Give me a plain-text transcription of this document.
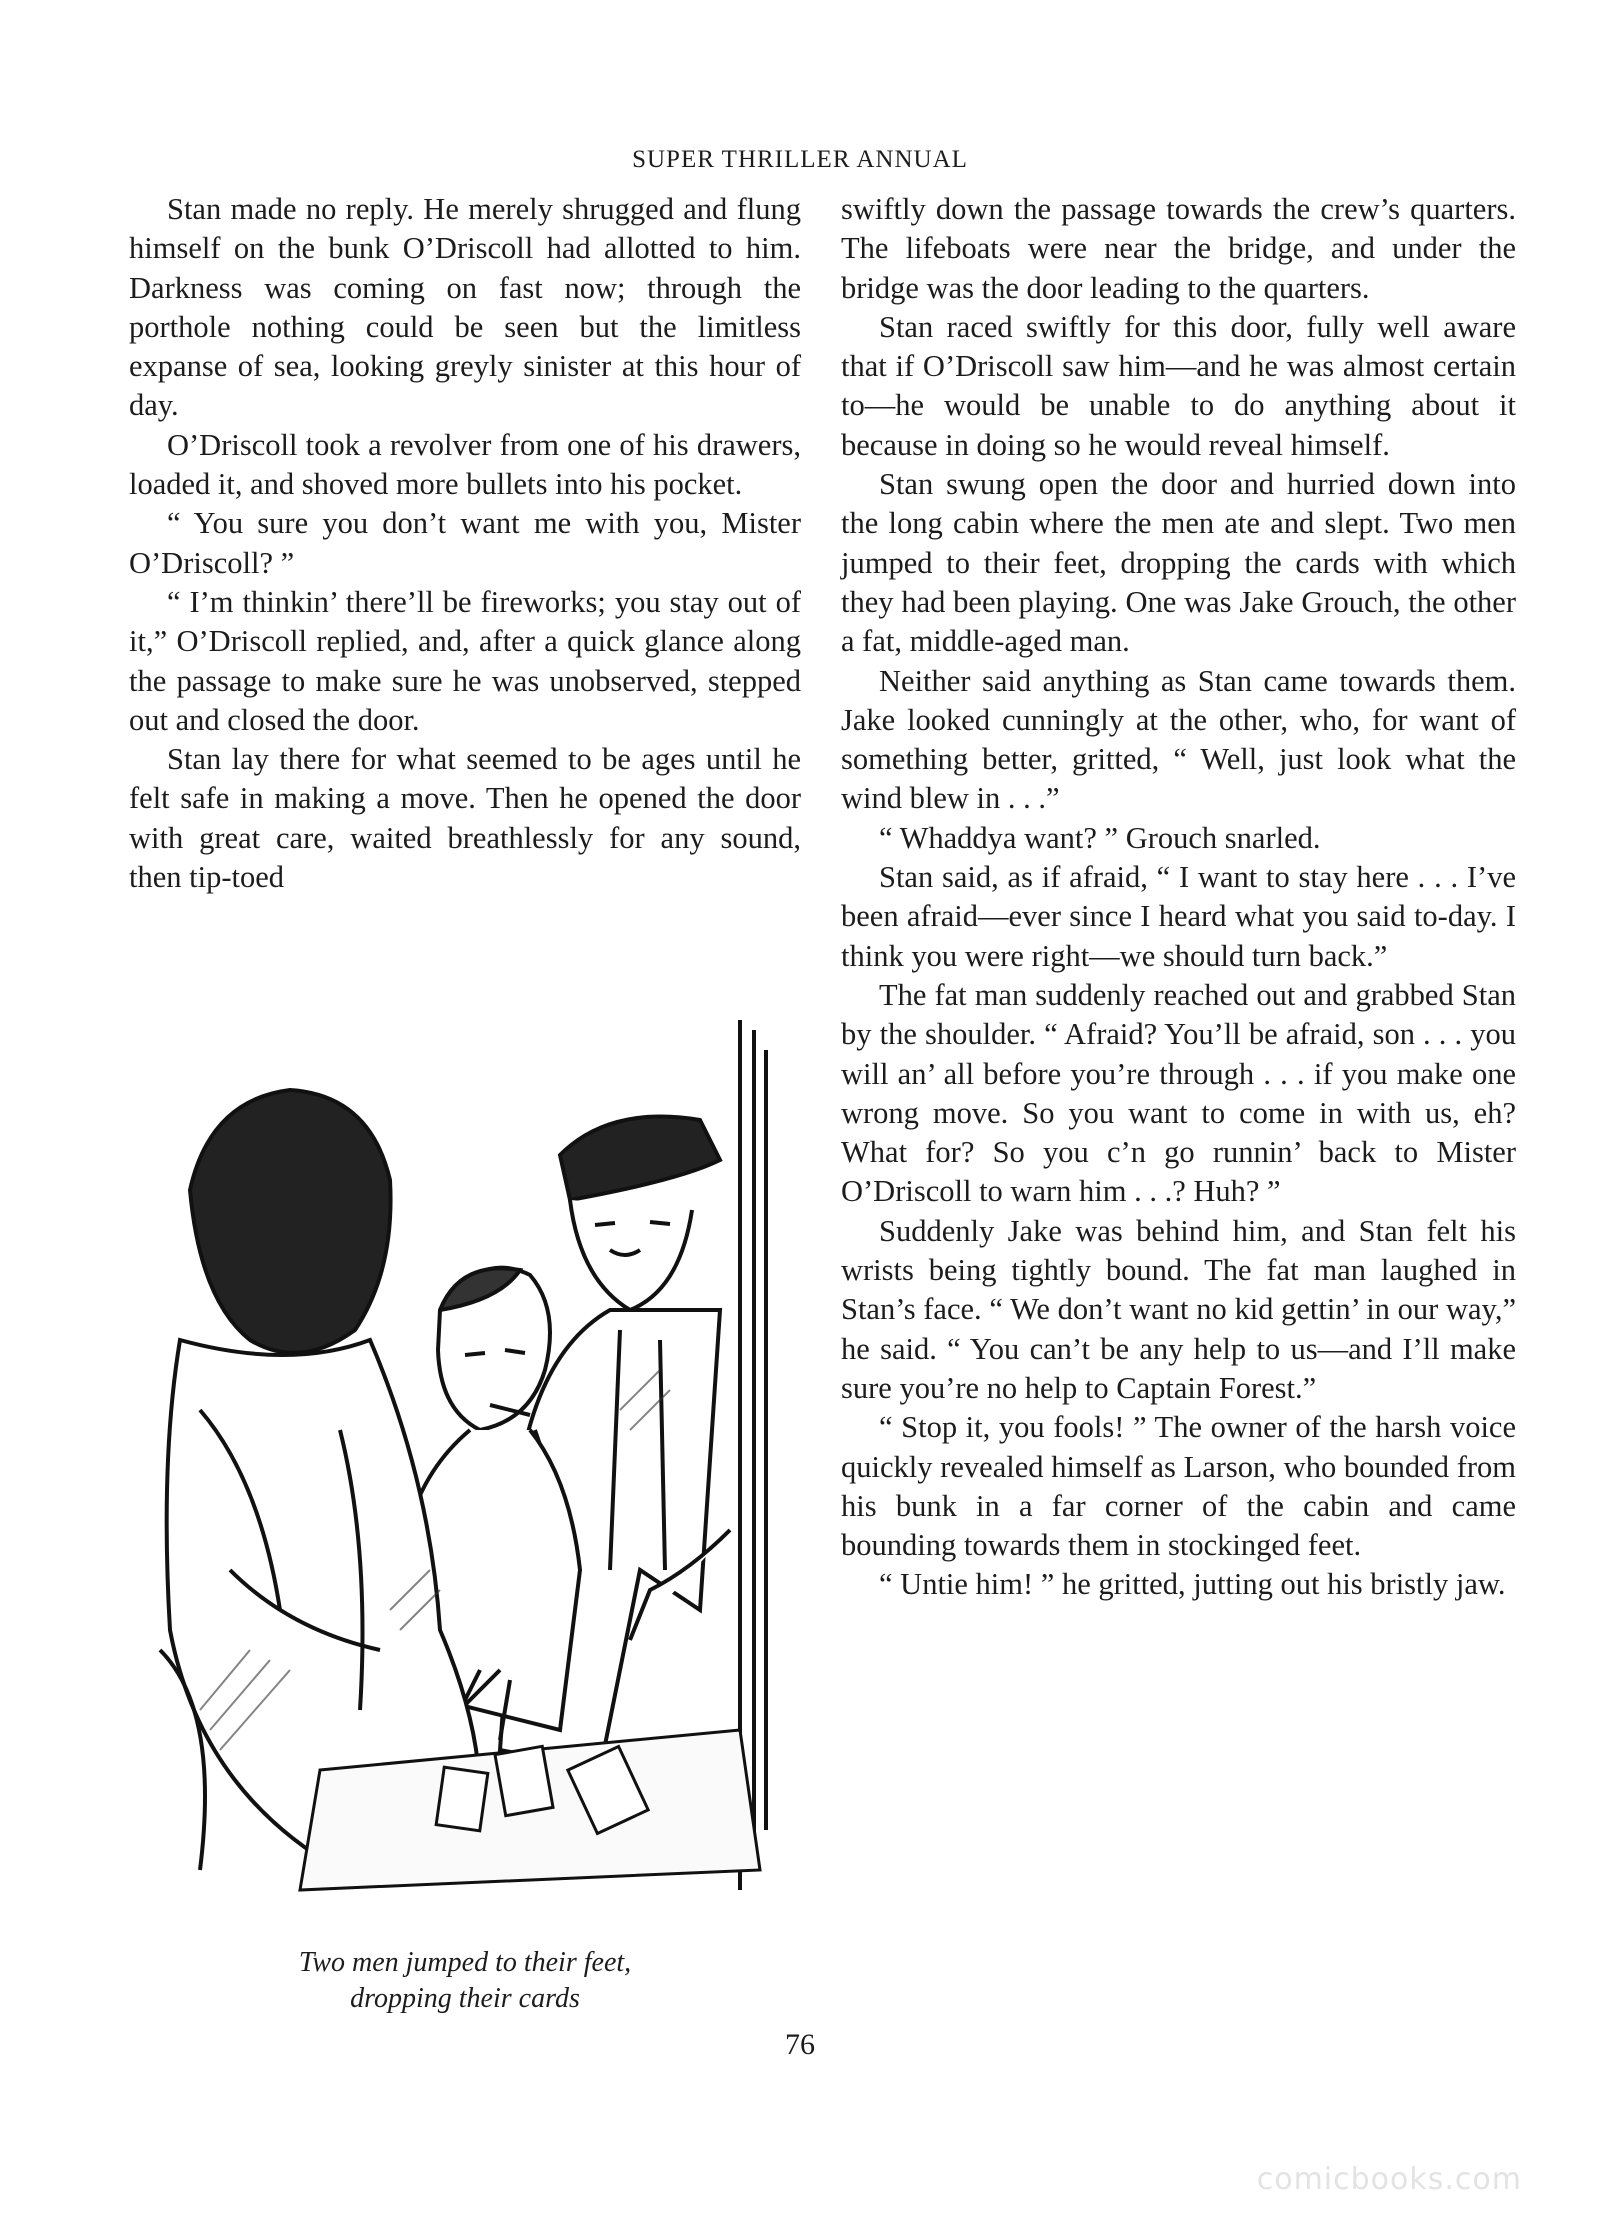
SUPER THRILLER ANNUAL

Stan made no reply. He merely shrugged and flung himself on the bunk O’Driscoll had allotted to him. Darkness was coming on fast now; through the porthole nothing could be seen but the limitless expanse of sea, looking greyly sinister at this hour of day.

O’Driscoll took a revolver from one of his drawers, loaded it, and shoved more bullets into his pocket.

“ You sure you don’t want me with you, Mister O’Driscoll? ”

“ I’m thinkin’ there’ll be fireworks; you stay out of it,” O’Driscoll replied, and, after a quick glance along the passage to make sure he was unobserved, stepped out and closed the door.

Stan lay there for what seemed to be ages until he felt safe in making a move. Then he opened the door with great care, waited breathlessly for any sound, then tip-toed

Two men jumped to their feet,
dropping their cards

swiftly down the passage towards the crew’s quarters. The lifeboats were near the bridge, and under the bridge was the door leading to the quarters.

Stan raced swiftly for this door, fully well aware that if O’Driscoll saw him—and he was almost certain to—he would be unable to do anything about it because in doing so he would reveal himself.

Stan swung open the door and hurried down into the long cabin where the men ate and slept. Two men jumped to their feet, dropping the cards with which they had been playing. One was Jake Grouch, the other a fat, middle-aged man.

Neither said anything as Stan came towards them. Jake looked cunningly at the other, who, for want of something better, gritted, “ Well, just look what the wind blew in . . .”

“ Whaddya want? ” Grouch snarled.

Stan said, as if afraid, “ I want to stay here . . . I’ve been afraid—ever since I heard what you said to-day. I think you were right—we should turn back.”

The fat man suddenly reached out and grabbed Stan by the shoulder. “ Afraid? You’ll be afraid, son . . . you will an’ all before you’re through . . . if you make one wrong move. So you want to come in with us, eh? What for? So you c’n go runnin’ back to Mister O’Driscoll to warn him . . .? Huh? ”

Suddenly Jake was behind him, and Stan felt his wrists being tightly bound. The fat man laughed in Stan’s face. “ We don’t want no kid gettin’ in our way,” he said. “ You can’t be any help to us—and I’ll make sure you’re no help to Captain Forest.”

“ Stop it, you fools! ” The owner of the harsh voice quickly revealed himself as Larson, who bounded from his bunk in a far corner of the cabin and came bounding towards them in stockinged feet.

“ Untie him! ” he gritted, jutting out his bristly jaw.

76
comicbooks.com
